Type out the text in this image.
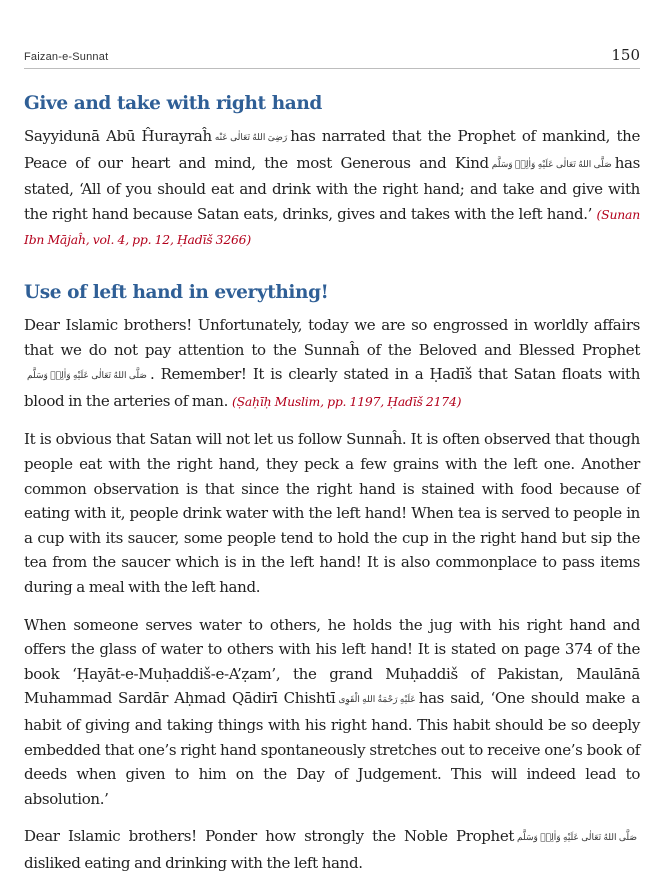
Faizan-e-Sunnat	150
Give and take with right hand

Sayyidunā Abū Ĥurayraĥ رَضِیَ اللهُ تَعَالٰی عَنْه has narrated that the Prophet of mankind, the Peace of our heart and mind, the most Generous and Kind صَلَّى اللهُ تَعَالٰى عَلَيْهِ وَاٰلِهٖ وَسَلَّم has stated, ‘All of you should eat and drink with the right hand; and take and give with the right hand because Satan eats, drinks, gives and takes with the left hand.’ (Sunan Ibn Mājaĥ, vol. 4, pp. 12, Ḥadīš 3266)

Use of left hand in everything!

Dear Islamic brothers! Unfortunately, today we are so engrossed in worldly affairs that we do not pay attention to the Sunnaĥ of the Beloved and Blessed Prophetصَلَّى اللهُ تَعَالٰى عَلَيْهِ وَاٰلِهٖ وَسَلَّم . Remember! It is clearly stated in a Ḥadīš that Satan floats with blood in the arteries of man. (Ṣaḥīḥ Muslim, pp. 1197, Ḥadīš 2174)

It is obvious that Satan will not let us follow Sunnaĥ. It is often observed that though people eat with the right hand, they peck a few grains with the left one. Another common observation is that since the right hand is stained with food because of eating with it, people drink water with the left hand! When tea is served to people in a cup with its saucer, some people tend to hold the cup in the right hand but sip the tea from the saucer which is in the left hand! It is also commonplace to pass items during a meal with the left hand.

When someone serves water to others, he holds the jug with his right hand and offers the glass of water to others with his left hand! It is stated on page 374 of the book ‘Ḥayāt-e-Muḥaddiš-e-A’ẓam’, the grand Muḥaddiš of Pakistan, Maulānā Muhammad Sardār Aḥmad Qādirī Chishtī عَلَيْهِ رَحْمَةُ اللهِ الْقَوِی has said, ‘One should make a habit of giving and taking things with his right hand. This habit should be so deeply embedded that one’s right hand spontaneously stretches out to receive one’s book of deeds when given to him on the Day of Judgement. This will indeed lead to absolution.’

Dear Islamic brothers! Ponder how strongly the Noble Prophet صَلَّى اللهُ تَعَالٰى عَلَيْهِ وَاٰلِهٖ وَسَلَّمdisliked eating and drinking with the left hand.
